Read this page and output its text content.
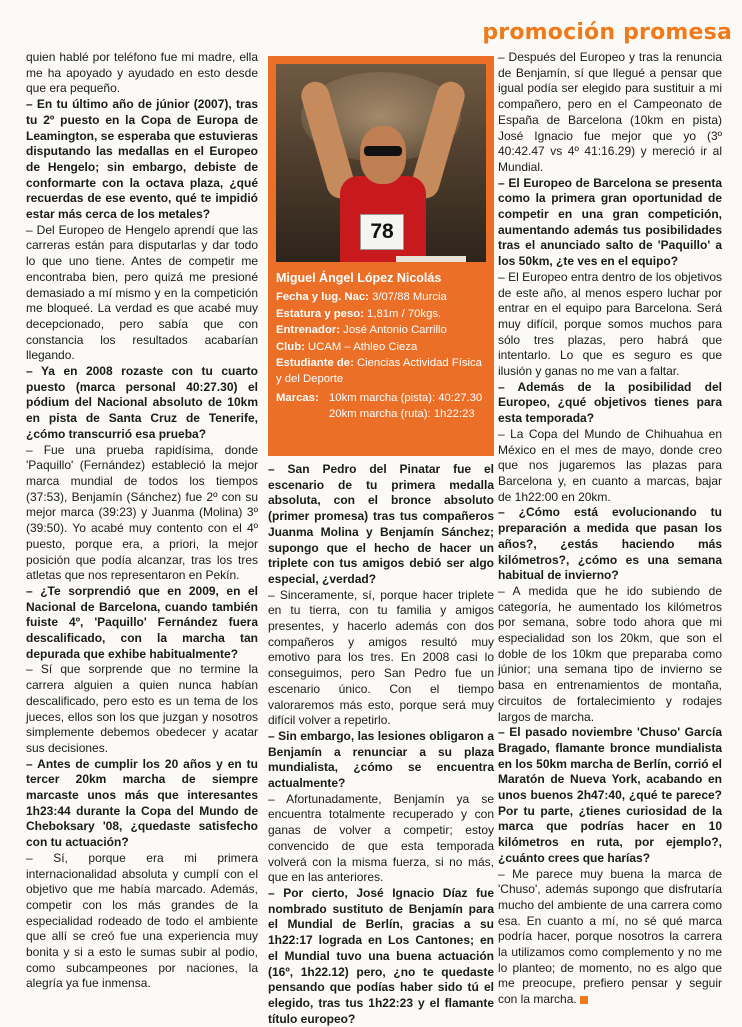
promoción promesa

quien hablé por teléfono fue mi madre, ella me ha apoyado y ayudado en esto desde que era pequeño.

– En tu último año de júnior (2007), tras tu 2º puesto en la Copa de Europa de Leamington, se esperaba que estuvieras disputando las medallas en el Europeo de Hengelo; sin embargo, debiste de conformarte con la octava plaza, ¿qué recuerdas de ese evento, qué te impidió estar más cerca de los metales?

– Del Europeo de Hengelo aprendí que las carreras están para disputarlas y dar todo lo que uno tiene. Antes de competir me encontraba bien, pero quizá me presioné demasiado a mí mismo y en la competición me bloqueé. La verdad es que acabé muy decepcionado, pero sabía que con constancia los resultados acabarían llegando.

– Ya en 2008 rozaste con tu cuarto puesto (marca personal 40:27.30) el pódium del Nacional absoluto de 10km en pista de Santa Cruz de Tenerife, ¿cómo transcurrió esa prueba?

– Fue una prueba rapidísima, donde 'Paquillo' (Fernández) estableció la mejor marca mundial de todos los tiempos (37:53), Benjamín (Sánchez) fue 2º con su mejor marca (39:23) y Juanma (Molina) 3º (39:50). Yo acabé muy contento con el 4º puesto, porque era, a priori, la mejor posición que podía alcanzar, tras los tres atletas que nos representaron en Pekín.

– ¿Te sorprendió que en 2009, en el Nacional de Barcelona, cuando también fuiste 4º, 'Paquillo' Fernández fuera descalificado, con la marcha tan depurada que exhibe habitualmente?

– Sí que sorprende que no termine la carrera alguien a quien nunca habían descalificado, pero esto es un tema de los jueces, ellos son los que juzgan y nosotros simplemente debemos obedecer y acatar sus decisiones.

– Antes de cumplir los 20 años y en tu tercer 20km marcha de siempre marcaste unos más que interesantes 1h23:44 durante la Copa del Mundo de Cheboksary '08, ¿quedaste satisfecho con tu actuación?

– Sí, porque era mi primera internacionalidad absoluta y cumplí con el objetivo que me había marcado. Además, competir con los más grandes de la especialidad rodeado de todo el ambiente que allí se creó fue una experiencia muy bonita y si a esto le sumas subir al podio, como subcampeones por naciones, la alegría ya fue inmensa.

78
Miguel Ángel López Nicolás

Fecha y lug. Nac: 3/07/88 Murcia

Estatura y peso: 1,81m / 70kgs.

Entrenador: José Antonio Carrillo

Club: UCAM – Athleo Cieza

Estudiante de: Ciencias Actividad Física y del Deporte

Marcas: 10km marcha (pista): 40:27.30
20km marcha (ruta): 1h22:23

– San Pedro del Pinatar fue el escenario de tu primera medalla absoluta, con el bronce absoluto (primer promesa) tras tus compañeros Juanma Molina y Benjamín Sánchez; supongo que el hecho de hacer un triplete con tus amigos debió ser algo especial, ¿verdad?

– Sinceramente, sí, porque hacer triplete en tu tierra, con tu familia y amigos presentes, y hacerlo además con dos compañeros y amigos resultó muy emotivo para los tres. En 2008 casi lo conseguimos, pero San Pedro fue un escenario único. Con el tiempo valoraremos más esto, porque será muy difícil volver a repetirlo.

– Sin embargo, las lesiones obligaron a Benjamín a renunciar a su plaza mundialista, ¿cómo se encuentra actualmente?

– Afortunadamente, Benjamín ya se encuentra totalmente recuperado y con ganas de volver a competir; estoy convencido de que esta temporada volverá con la misma fuerza, si no más, que en las anteriores.

– Por cierto, José Ignacio Díaz fue nombrado sustituto de Benjamín para el Mundial de Berlín, gracias a su 1h22:17 lograda en Los Cantones; en el Mundial tuvo una buena actuación (16º, 1h22.12) pero, ¿no te quedaste pensando que podías haber sido tú el elegido, tras tus 1h22:23 y el flamante título europeo?

– Después del Europeo y tras la renuncia de Benjamín, sí que llegué a pensar que igual podía ser elegido para sustituir a mi compañero, pero en el Campeonato de España de Barcelona (10km en pista) José Ignacio fue mejor que yo (3º 40:42.47 vs 4º 41:16.29) y mereció ir al Mundial.

– El Europeo de Barcelona se presenta como la primera gran oportunidad de competir en una gran competición, aumentando además tus posibilidades tras el anunciado salto de 'Paquillo' a los 50km, ¿te ves en el equipo?

– El Europeo entra dentro de los objetivos de este año, al menos espero luchar por entrar en el equipo para Barcelona. Será muy difícil, porque somos muchos para sólo tres plazas, pero habrá que intentarlo. Lo que es seguro es que ilusión y ganas no me van a faltar.

– Además de la posibilidad del Europeo, ¿qué objetivos tienes para esta temporada?

– La Copa del Mundo de Chihuahua en México en el mes de mayo, donde creo que nos jugaremos las plazas para Barcelona y, en cuanto a marcas, bajar de 1h22:00 en 20km.

– ¿Cómo está evolucionando tu preparación a medida que pasan los años?, ¿estás haciendo más kilómetros?, ¿cómo es una semana habitual de invierno?

– A medida que he ido subiendo de categoría, he aumentado los kilómetros por semana, sobre todo ahora que mi especialidad son los 20km, que son el doble de los 10km que preparaba como júnior; una semana tipo de invierno se basa en entrenamientos de montaña, circuitos de fortalecimiento y rodajes largos de marcha.

– El pasado noviembre 'Chuso' García Bragado, flamante bronce mundialista en los 50km marcha de Berlín, corrió el Maratón de Nueva York, acabando en unos buenos 2h47:40, ¿qué te parece? Por tu parte, ¿tienes curiosidad de la marca que podrías hacer en 10 kilómetros en ruta, por ejemplo?, ¿cuánto crees que harías?

– Me parece muy buena la marca de 'Chuso', además supongo que disfrutaría mucho del ambiente de una carrera como esa. En cuanto a mí, no sé qué marca podría hacer, porque nosotros la carrera la utilizamos como complemento y no me lo planteo; de momento, no es algo que me preocupe, prefiero pensar y seguir con la marcha.
